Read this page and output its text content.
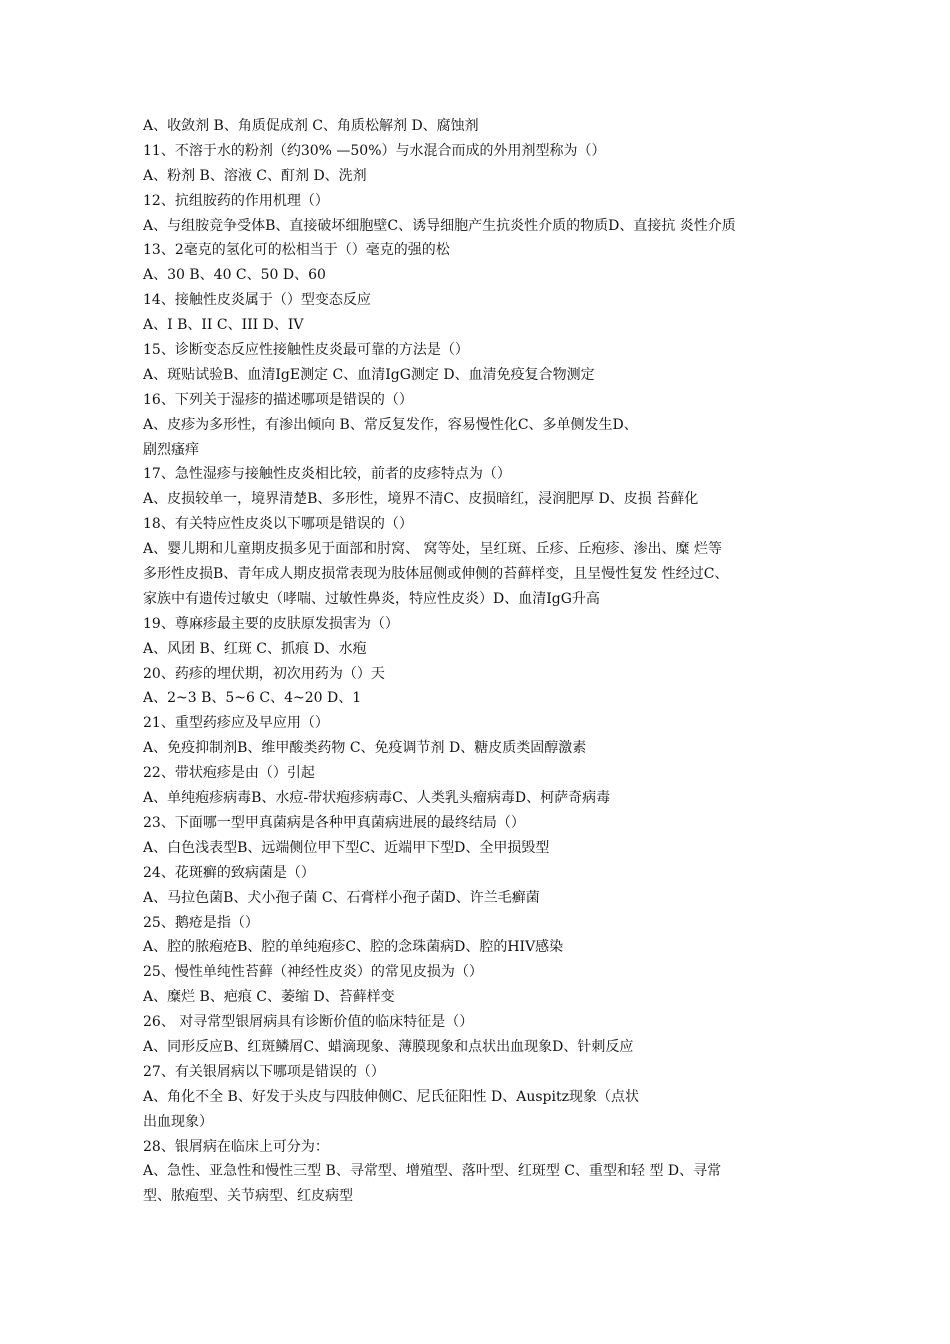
A、收敛剂 B、角质促成剂 C、角质松解剂 D、腐蚀剂
11、不溶于水的粉剂（约30% —50%）与水混合而成的外用剂型称为（）
A、粉剂 B、溶液 C、酊剂 D、洗剂
12、抗组胺药的作用机理（）
A、与组胺竞争受体B、直接破坏细胞壁C、诱导细胞产生抗炎性介质的物质D、直接抗 炎性介质
13、2毫克的氢化可的松相当于（）毫克的强的松
A、30 B、40 C、50 D、60
14、接触性皮炎属于（）型变态反应
A、I B、II C、III D、IV
15、诊断变态反应性接触性皮炎最可靠的方法是（）
A、斑贴试验B、血清IgE测定 C、血清IgG测定 D、血清免疫复合物测定
16、下列关于湿疹的描述哪项是错误的（）
A、皮疹为多形性，有渗出倾向 B、常反复发作，容易慢性化C、多单侧发生D、
剧烈瘙痒
17、急性湿疹与接触性皮炎相比较，前者的皮疹特点为（）
A、皮损较单一，境界清楚B、多形性，境界不清C、皮损暗红，浸润肥厚 D、皮损 苔藓化
18、有关特应性皮炎以下哪项是错误的（）
A、婴儿期和儿童期皮损多见于面部和肘窝、 窝等处，呈红斑、丘疹、丘疱疹、渗出、糜 烂等
多形性皮损B、青年成人期皮损常表现为肢体屈侧或伸侧的苔藓样变，且呈慢性复发 性经过C、
家族中有遗传过敏史（哮喘、过敏性鼻炎，特应性皮炎）D、血清IgG升高
19、尊麻疹最主要的皮肤原发损害为（）
A、风团 B、红斑 C、抓痕 D、水疱
20、药疹的埋伏期，初次用药为（）天
A、2~3 B、5~6 C、4~20 D、1
21、重型药疹应及早应用（）
A、免疫抑制剂B、维甲酸类药物 C、免疫调节剂 D、糖皮质类固醇激素
22、带状疱疹是由（）引起
A、单纯疱疹病毒B、水痘-带状疱疹病毒C、人类乳头瘤病毒D、柯萨奇病毒
23、下面哪一型甲真菌病是各种甲真菌病进展的最终结局（）
A、白色浅表型B、远端侧位甲下型C、近端甲下型D、全甲损毁型
24、花斑癣的致病菌是（）
A、马拉色菌B、犬小孢子菌 C、石膏样小孢子菌D、许兰毛癣菌
25、鹅疮是指（）
A、腔的脓疱疮B、腔的单纯疱疹C、腔的念珠菌病D、腔的HIV感染
25、慢性单纯性苔藓（神经性皮炎）的常见皮损为（）
A、糜烂 B、疤痕 C、萎缩 D、苔藓样变
26、 对寻常型银屑病具有诊断价值的临床特征是（）
A、同形反应B、红斑鳞屑C、蜡滴现象、薄膜现象和点状出血现象D、针刺反应
27、有关银屑病以下哪项是错误的（）
A、角化不全 B、好发于头皮与四肢伸侧C、尼氏征阳性 D、Auspitz现象（点状
出血现象）
28、银屑病在临床上可分为：
A、急性、亚急性和慢性三型 B、寻常型、增殖型、落叶型、红斑型 C、重型和轻 型 D、寻常
型、脓疱型、关节病型、红皮病型
